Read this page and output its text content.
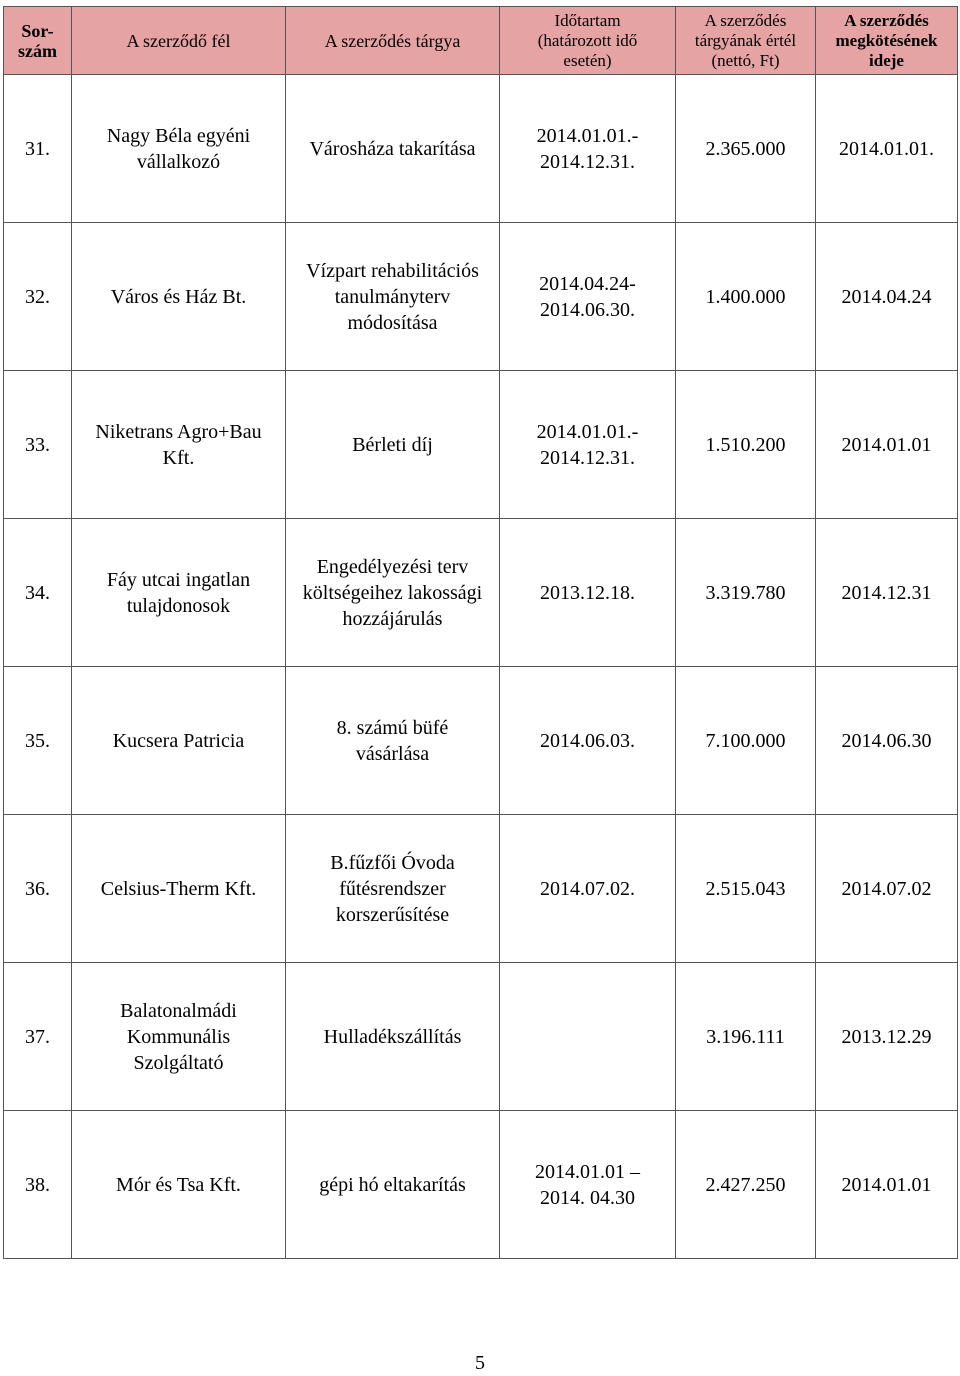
Sor-
szám	A szerződő fél	A szerződés tárgya	Időtartam
(határozott idő
esetén)	A szerződés
tárgyának értél
(nettó, Ft)	A szerződés
megkötésének
ideje

31.	Nagy Béla egyéni
vállalkozó	Városháza takarítása	2014.01.01.-
2014.12.31.	2.365.000	2014.01.01.
32.	Város és Ház Bt.	Vízpart rehabilitációs
tanulmányterv
módosítása	2014.04.24-
2014.06.30.	1.400.000	2014.04.24
33.	Niketrans Agro+Bau
Kft.	Bérleti díj	2014.01.01.-
2014.12.31.	1.510.200	2014.01.01
34.	Fáy utcai ingatlan
tulajdonosok	Engedélyezési terv
költségeihez lakossági
hozzájárulás	2013.12.18.	3.319.780	2014.12.31
35.	Kucsera Patricia	8. számú büfé
vásárlása	2014.06.03.	7.100.000	2014.06.30
36.	Celsius-Therm Kft.	B.fűzfői Óvoda
fűtésrendszer
korszerűsítése	2014.07.02.	2.515.043	2014.07.02
37.	Balatonalmádi
Kommunális
Szolgáltató	Hulladékszállítás		3.196.111	2013.12.29
38.	Mór és Tsa Kft.	gépi hó eltakarítás	2014.01.01 –
2014. 04.30	2.427.250	2014.01.01
5
